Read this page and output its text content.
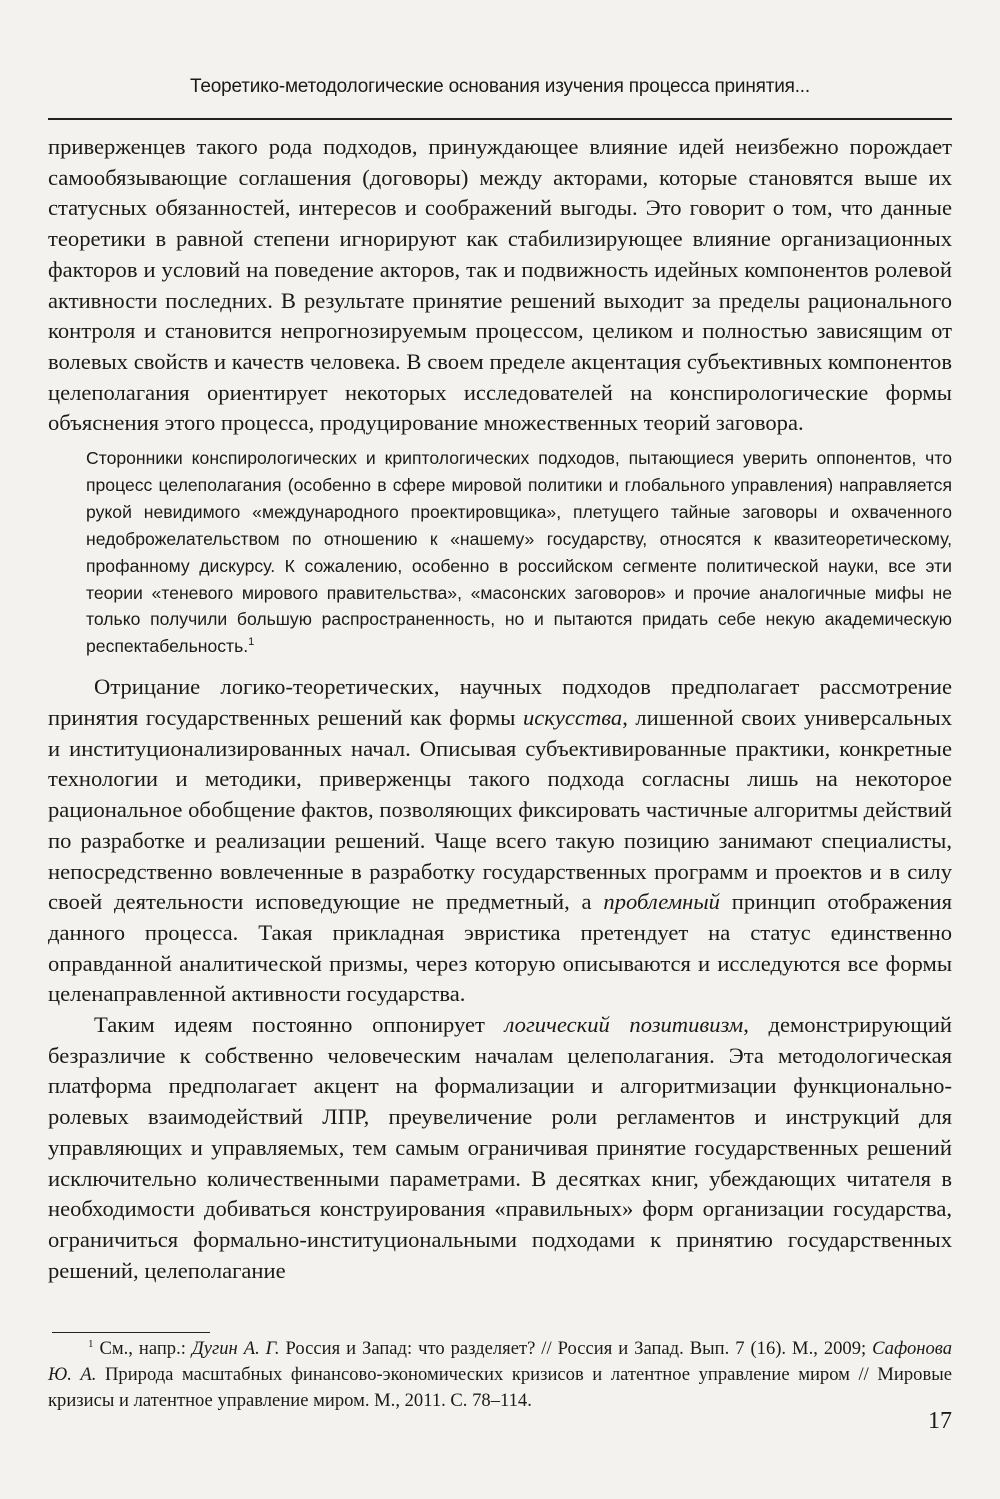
Теоретико-методологические основания изучения процесса принятия...

приверженцев такого рода подходов, принуждающее влияние идей неизбежно порождает самообязывающие соглашения (договоры) между акторами, которые становятся выше их статусных обязанностей, интересов и соображений выгоды. Это говорит о том, что данные теоретики в равной степени игнорируют как стабилизирующее влияние организационных факторов и условий на поведение акторов, так и подвижность идейных компонентов ролевой активности последних. В результате принятие решений выходит за пределы рационального контроля и становится непрогнозируемым процессом, целиком и полностью зависящим от волевых свойств и качеств человека. В своем пределе акцентация субъективных компонентов целеполагания ориентирует некоторых исследователей на конспирологические формы объяснения этого процесса, продуцирование множественных теорий заговора.

Сторонники конспирологических и криптологических подходов, пытающиеся уверить оппонентов, что процесс целеполагания (особенно в сфере мировой политики и глобального управления) направляется рукой невидимого «международного проектировщика», плетущего тайные заговоры и охваченного недоброжелательством по отношению к «нашему» государству, относятся к квазитеоретическому, профанному дискурсу. К сожалению, особенно в российском сегменте политической науки, все эти теории «теневого мирового правительства», «масонских заговоров» и прочие аналогичные мифы не только получили большую распространенность, но и пытаются придать себе некую академическую респектабельность.$^1$

Отрицание логико-теоретических, научных подходов предполагает рассмотрение принятия государственных решений как формы искусства, лишенной своих универсальных и институционализированных начал. Описывая субъективированные практики, конкретные технологии и методики, приверженцы такого подхода согласны лишь на некоторое рациональное обобщение фактов, позволяющих фиксировать частичные алгоритмы действий по разработке и реализации решений. Чаще всего такую позицию занимают специалисты, непосредственно вовлеченные в разработку государственных программ и проектов и в силу своей деятельности исповедующие не предметный, а проблемный принцип отображения данного процесса. Такая прикладная эвристика претендует на статус единственно оправданной аналитической призмы, через которую описываются и исследуются все формы целенаправленной активности государства.

Таким идеям постоянно оппонирует логический позитивизм, демонстрирующий безразличие к собственно человеческим началам целеполагания. Эта методологическая платформа предполагает акцент на формализации и алгоритмизации функционально-ролевых взаимодействий ЛПР, преувеличение роли регламентов и инструкций для управляющих и управляемых, тем самым ограничивая принятие государственных решений исключительно количественными параметрами. В десятках книг, убеждающих читателя в необходимости добиваться конструирования «правильных» форм организации государства, ограничиться формально-институциональными подходами к принятию государственных решений, целеполагание

$^1$ См., напр.: Дугин А. Г. Россия и Запад: что разделяет? // Россия и Запад. Вып. 7 (16). М., 2009; Сафонова Ю. А. Природа масштабных финансово-экономических кризисов и латентное управление миром // Мировые кризисы и латентное управление миром. М., 2011. С. 78–114.

17
